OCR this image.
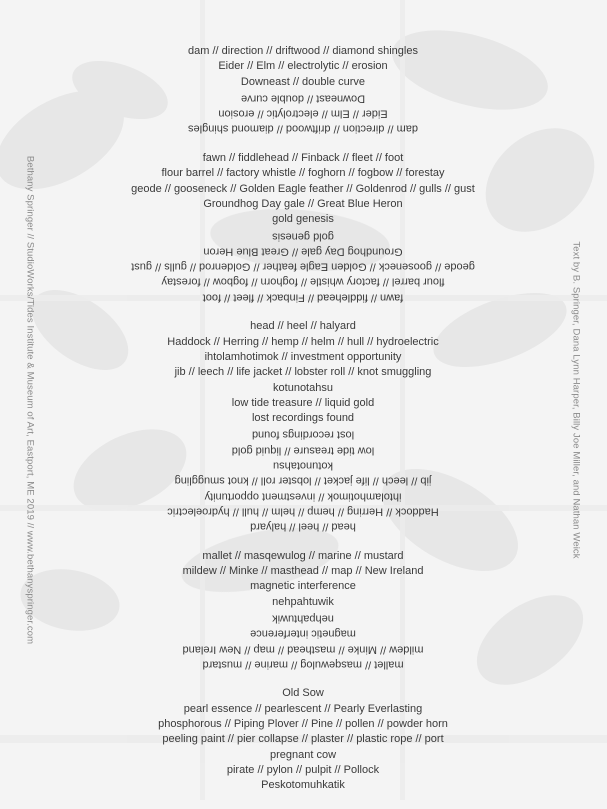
dam // direction // driftwood // diamond shingles
Eider // Elm // electrolytic // erosion
Downeast // double curve
Downeast // double curve
Eider // Elm // electrolytic // erosion
dam // direction // driftwood // diamond shingles
fawn // fiddlehead // Finback // fleet // foot
flour barrel // factory whistle // foghorn // fogbow // forestay
geode // gooseneck // Golden Eagle feather // Goldenrod // gulls // gust
Groundhog Day gale // Great Blue Heron
gold genesis
gold genesis
Groundhog Day gale // Great Blue Heron
geode // gooseneck // Golden Eagle feather // Goldenrod // gulls // gust
flour barrel // factory whistle // foghorn // fogbow // forestay
fawn // fiddlehead // Finback // fleet // foot
head // heel // halyard
Haddock // Herring // hemp // helm // hull // hydroelectric
ihtolamhotimok // investment opportunity
jib // leech // life jacket // lobster roll // knot smuggling
kotunotahsu
low tide treasure // liquid gold
lost recordings found
lost recordings found
low tide treasure // liquid gold
kotunotahsu
jib // leech // life jacket // lobster roll // knot smuggling
ihtolamhotimok // investment opportunity
Haddock // Herring // hemp // helm // hull // hydroelectric
head // heel // halyard
mallet // masqewulog // marine // mustard
mildew // Minke // masthead // map // New Ireland
magnetic interference
nehpahtuwik
nehpahtuwik
magnetic interference
mildew // Minke // masthead // map // New Ireland
mallet // masqewulog // marine // mustard
Old Sow
pearl essence // pearlescent // Pearly Everlasting
phosphorous // Piping Plover // Pine // pollen // powder horn
peeling paint // pier collapse // plaster // plastic rope // port
pregnant cow
pirate // pylon // pulpit // Pollock
Peskotomuhkatik
Bethany Springer // StudioWorks/Tides Institute & Museum of Art, Eastport, ME 2019 // www.bethanyspringer.com	Text by B. Springer, Dana Lynn Harper, Billy Joe Miller, and Nathan Weick
